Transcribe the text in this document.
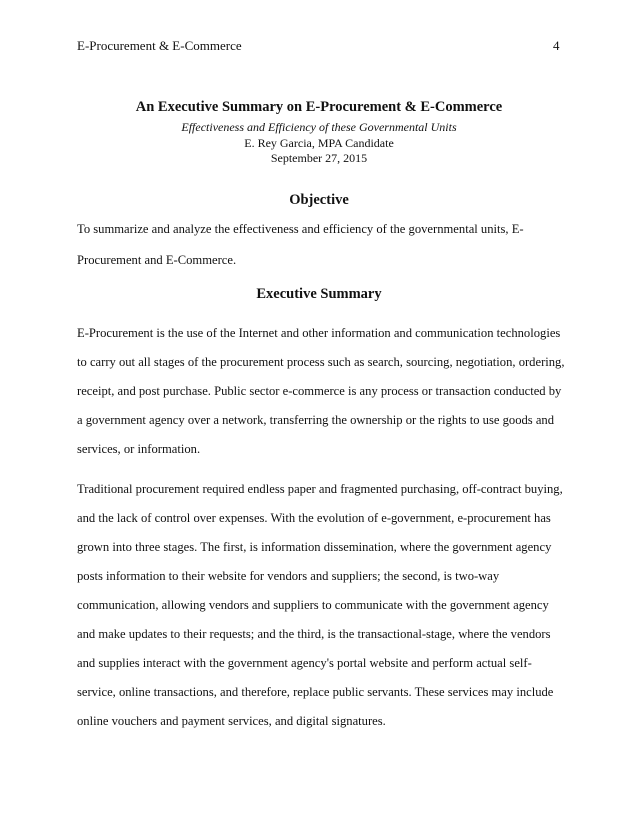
E-Procurement & E-Commerce	4
An Executive Summary on E-Procurement & E-Commerce
Effectiveness and Efficiency of these Governmental Units
E. Rey Garcia, MPA Candidate
September 27, 2015
Objective
To summarize and analyze the effectiveness and efficiency of the governmental units, E-
Procurement and E-Commerce.
Executive Summary
E-Procurement is the use of the Internet and other information and communication technologies
to carry out all stages of the procurement process such as search, sourcing, negotiation, ordering,
receipt, and post purchase. Public sector e-commerce is any process or transaction conducted by
a government agency over a network, transferring the ownership or the rights to use goods and
services, or information.
Traditional procurement required endless paper and fragmented purchasing, off-contract buying,
and the lack of control over expenses. With the evolution of e-government, e-procurement has
grown into three stages. The first, is information dissemination, where the government agency
posts information to their website for vendors and suppliers; the second, is two-way
communication, allowing vendors and suppliers to communicate with the government agency
and make updates to their requests; and the third, is the transactional-stage, where the vendors
and supplies interact with the government agency's portal website and perform actual self-
service, online transactions, and therefore, replace public servants. These services may include
online vouchers and payment services, and digital signatures.
